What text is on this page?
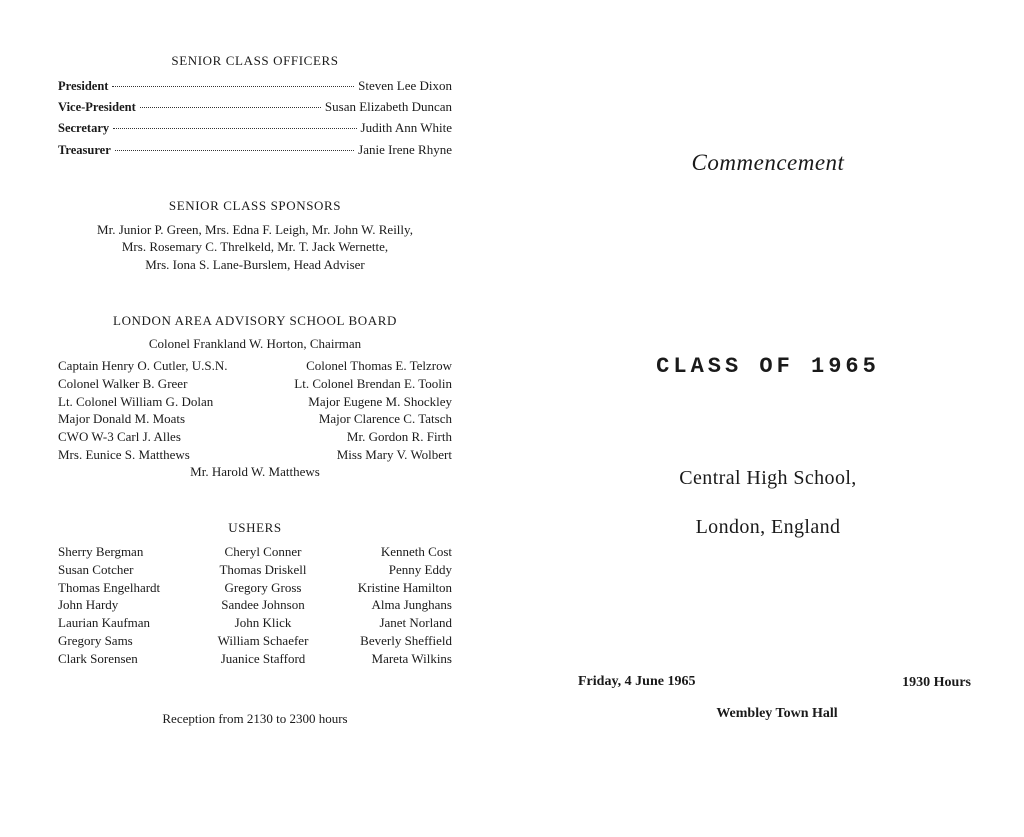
SENIOR CLASS OFFICERS
President	Steven Lee Dixon
Vice-President	Susan Elizabeth Duncan
Secretary	Judith Ann White
Treasurer	Janie Irene Rhyne
SENIOR CLASS SPONSORS
Mr. Junior P. Green, Mrs. Edna F. Leigh, Mr. John W. Reilly,
Mrs. Rosemary C. Threlkeld, Mr. T. Jack Wernette,
Mrs. Iona S. Lane-Burslem, Head Adviser
LONDON AREA ADVISORY SCHOOL BOARD
Colonel Frankland W. Horton, Chairman
Captain Henry O. Cutler, U.S.N.	Colonel Thomas E. Telzrow
Colonel Walker B. Greer	Lt. Colonel Brendan E. Toolin
Lt. Colonel William G. Dolan	Major Eugene M. Shockley
Major Donald M. Moats	Major Clarence C. Tatsch
CWO W-3 Carl J. Alles	Mr. Gordon R. Firth
Mrs. Eunice S. Matthews	Miss Mary V. Wolbert
Mr. Harold W. Matthews
USHERS
Sherry Bergman	Cheryl Conner	Kenneth Cost
Susan Cotcher	Thomas Driskell	Penny Eddy
Thomas Engelhardt	Gregory Gross	Kristine Hamilton
John Hardy	Sandee Johnson	Alma Junghans
Laurian Kaufman	John Klick	Janet Norland
Gregory Sams	William Schaefer	Beverly Sheffield
Clark Sorensen	Juanice Stafford	Mareta Wilkins
Reception from 2130 to 2300 hours
Commencement
CLASS OF 1965
Central High School,
London, England
Friday, 4 June 1965	1930 Hours
Wembley Town Hall
